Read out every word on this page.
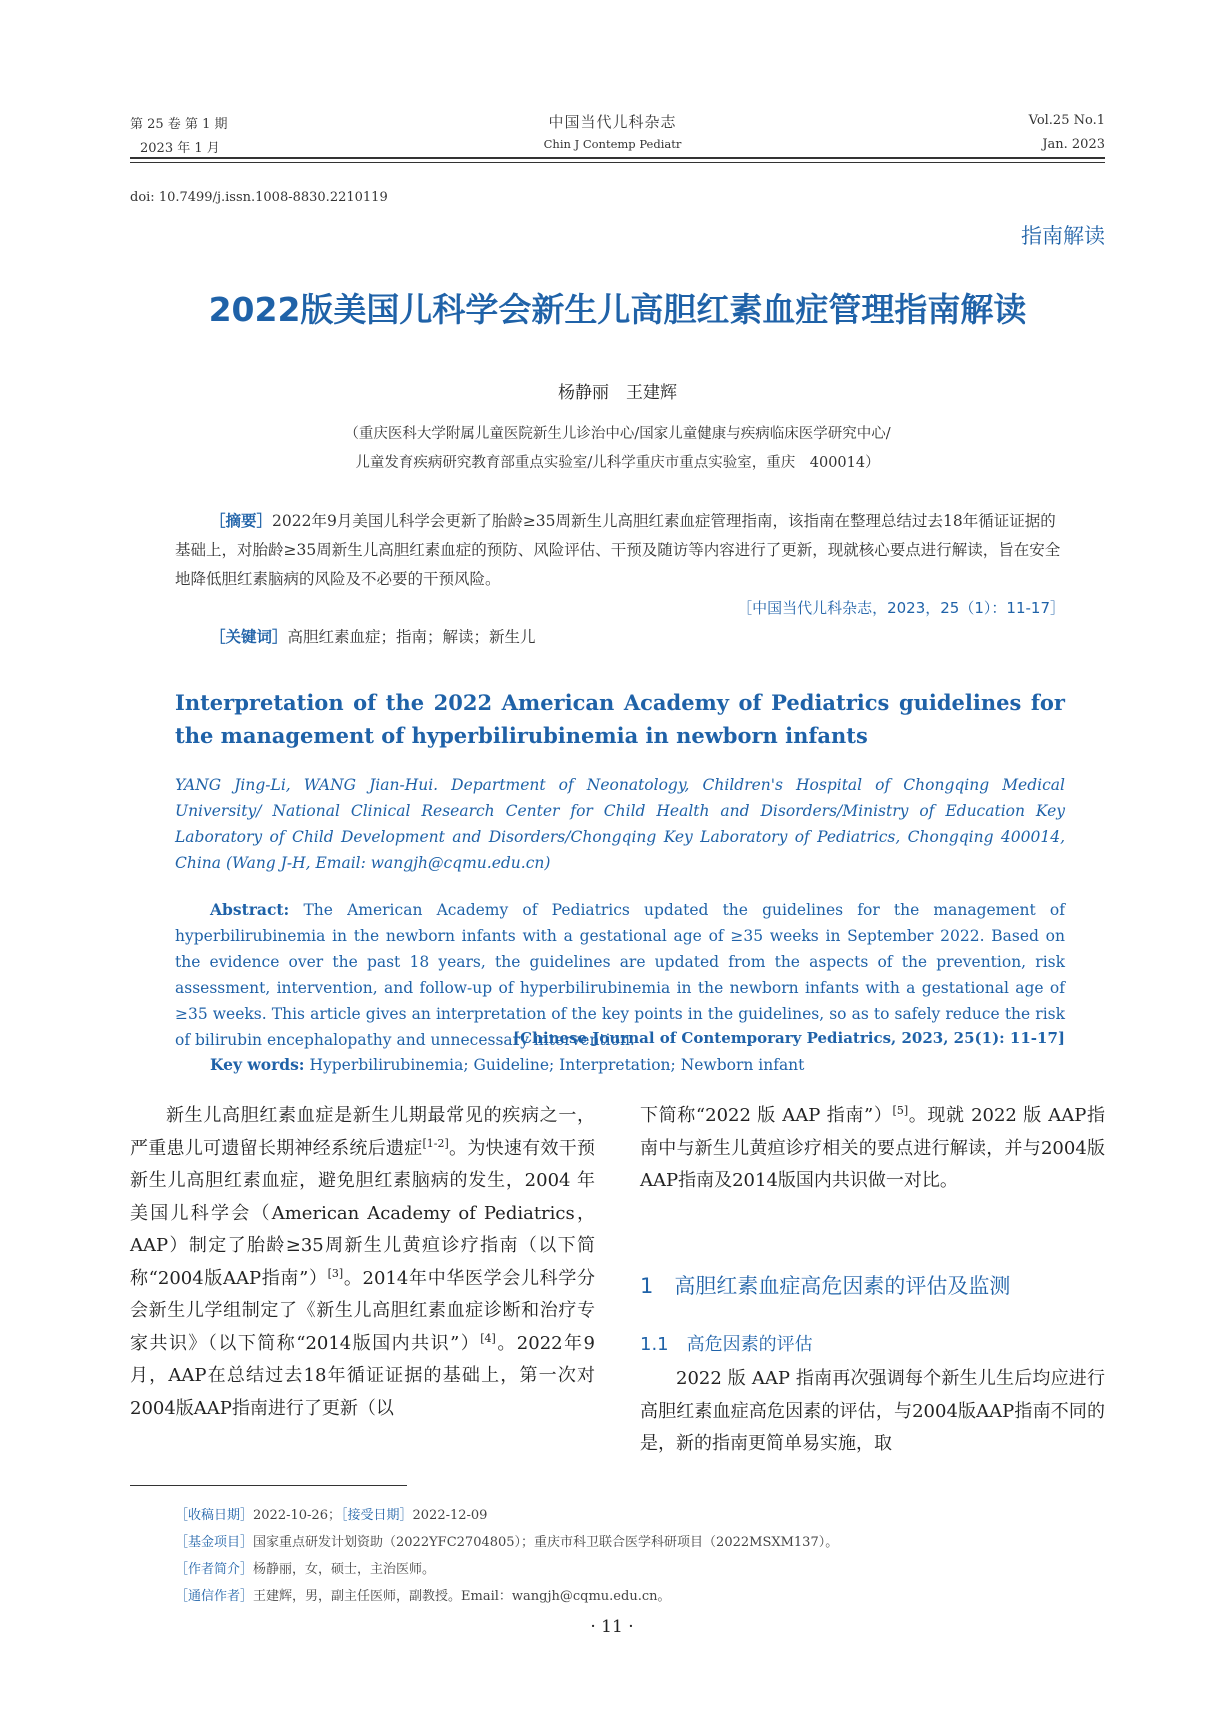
第 25 卷 第 1 期
2023 年 1 月
中国当代儿科杂志
Chin J Contemp Pediatr
Vol.25 No.1
Jan. 2023
doi: 10.7499/j.issn.1008-8830.2210119
指南解读
2022版美国儿科学会新生儿高胆红素血症管理指南解读
杨静丽　王建辉
（重庆医科大学附属儿童医院新生儿诊治中心/国家儿童健康与疾病临床医学研究中心/
儿童发育疾病研究教育部重点实验室/儿科学重庆市重点实验室，重庆　400014）
［摘要］2022年9月美国儿科学会更新了胎龄≥35周新生儿高胆红素血症管理指南，该指南在整理总结过去18年循证证据的基础上，对胎龄≥35周新生儿高胆红素血症的预防、风险评估、干预及随访等内容进行了更新，现就核心要点进行解读，旨在安全地降低胆红素脑病的风险及不必要的干预风险。
［中国当代儿科杂志，2023，25（1）：11-17］
［关键词］高胆红素血症；指南；解读；新生儿
Interpretation of the 2022 American Academy of Pediatrics guidelines for the management of hyperbilirubinemia in newborn infants
YANG Jing-Li, WANG Jian-Hui. Department of Neonatology, Children's Hospital of Chongqing Medical University/ National Clinical Research Center for Child Health and Disorders/Ministry of Education Key Laboratory of Child Development and Disorders/Chongqing Key Laboratory of Pediatrics, Chongqing 400014, China (Wang J-H, Email: wangjh@cqmu.edu.cn)
Abstract: The American Academy of Pediatrics updated the guidelines for the management of hyperbilirubinemia in the newborn infants with a gestational age of ≥35 weeks in September 2022. Based on the evidence over the past 18 years, the guidelines are updated from the aspects of the prevention, risk assessment, intervention, and follow-up of hyperbilirubinemia in the newborn infants with a gestational age of ≥35 weeks. This article gives an interpretation of the key points in the guidelines, so as to safely reduce the risk of bilirubin encephalopathy and unnecessary intervention.
[Chinese Journal of Contemporary Pediatrics, 2023, 25(1): 11-17]
Key words: Hyperbilirubinemia; Guideline; Interpretation; Newborn infant
新生儿高胆红素血症是新生儿期最常见的疾病之一，严重患儿可遗留长期神经系统后遗症[1-2]。为快速有效干预新生儿高胆红素血症，避免胆红素脑病的发生，2004 年美国儿科学会（American Academy of Pediatrics，AAP）制定了胎龄≥35周新生儿黄疸诊疗指南（以下简称“2004版AAP指南”）[3]。2014年中华医学会儿科学分会新生儿学组制定了《新生儿高胆红素血症诊断和治疗专家共识》（以下简称“2014版国内共识”）[4]。2022年9月，AAP在总结过去18年循证证据的基础上，第一次对2004版AAP指南进行了更新（以
下简称“2022 版 AAP 指南”）[5]。现就 2022 版 AAP指南中与新生儿黄疸诊疗相关的要点进行解读，并与2004版AAP指南及2014版国内共识做一对比。
1　高胆红素血症高危因素的评估及监测
1.1　高危因素的评估
2022 版 AAP 指南再次强调每个新生儿生后均应进行高胆红素血症高危因素的评估，与2004版AAP指南不同的是，新的指南更简单易实施，取
［收稿日期］2022-10-26；［接受日期］2022-12-09
［基金项目］国家重点研发计划资助（2022YFC2704805）；重庆市科卫联合医学科研项目（2022MSXM137）。
［作者简介］杨静丽，女，硕士，主治医师。
［通信作者］王建辉，男，副主任医师，副教授。Email：wangjh@cqmu.edu.cn。
· 11 ·
